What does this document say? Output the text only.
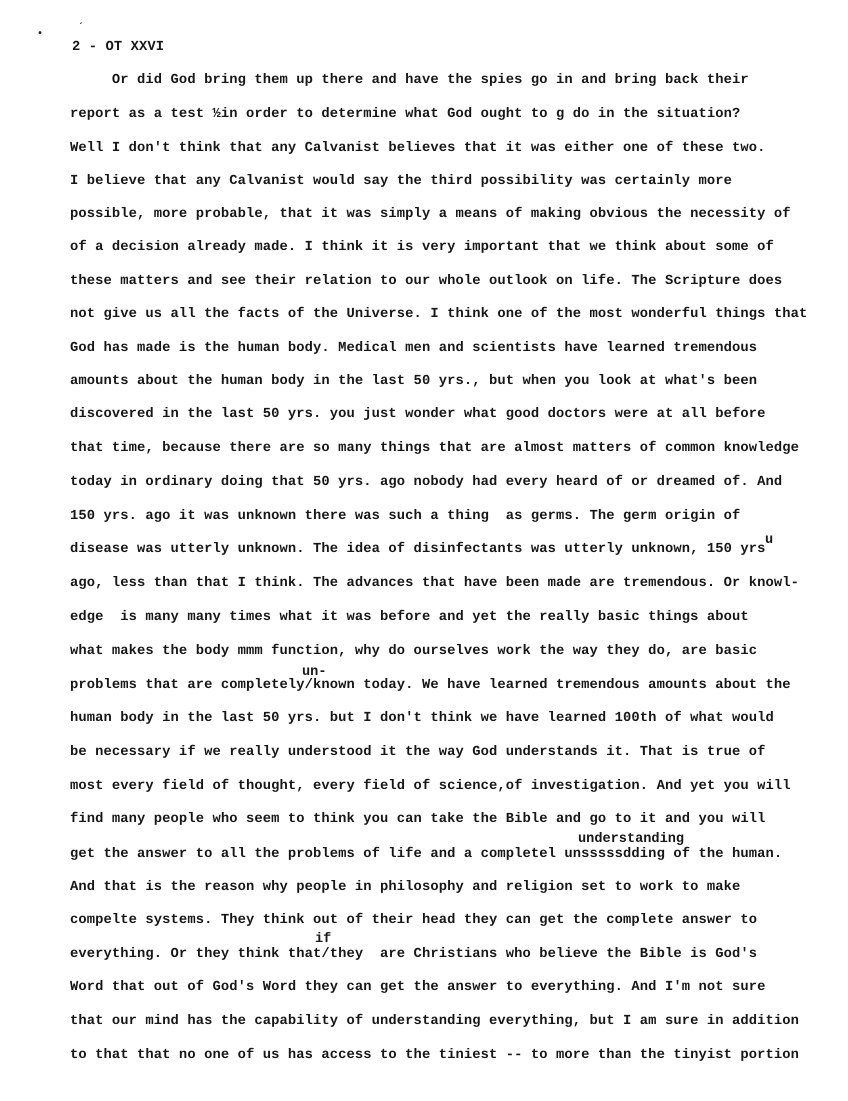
•
ˊ
2 - OT XXVI
Or did God bring them up there and have the spies go in and bring back their
report as a test ½in order to determine what God ought to g do in the situation?
Well I don't think that any Calvanist believes that it was either one of these two.
I believe that any Calvanist would say the third possibility was certainly more
possible, more probable, that it was simply a means of making obvious the necessity of
of a decision already made. I think it is very important that we think about some of
these matters and see their relation to our whole outlook on life. The Scripture does
not give us all the facts of the Universe. I think one of the most wonderful things that
God has made is the human body. Medical men and scientists have learned tremendous
amounts about the human body in the last 50 yrs., but when you look at what's been
discovered in the last 50 yrs. you just wonder what good doctors were at all before
that time, because there are so many things that are almost matters of common knowledge
today in ordinary doing that 50 yrs. ago nobody had every heard of or dreamed of. And
150 yrs. ago it was unknown there was such a thing  as germs. The germ origin of
disease was utterly unknown. The idea of disinfectants was utterly unknown, 150 yrs
ago, less than that I think. The advances that have been made are tremendous. Or knowl-
edge  is many many times what it was before and yet the really basic things about
what makes the body mmm function, why do ourselves work the way they do, are basic
problems that are completely/known today. We have learned tremendous amounts about the
human body in the last 50 yrs. but I don't think we have learned 100th of what would
be necessary if we really understood it the way God understands it. That is true of
most every field of thought, every field of science,of investigation. And yet you will
find many people who seem to think you can take the Bible and go to it and you will
get the answer to all the problems of life and a completel unsssssdding of the human.
And that is the reason why people in philosophy and religion set to work to make
compelte systems. They think out of their head they can get the complete answer to
everything. Or they think that/they  are Christians who believe the Bible is God's
Word that out of God's Word they can get the answer to everything. And I'm not sure
that our mind has the capability of understanding everything, but I am sure in addition
to that that no one of us has access to the tiniest -- to more than the tinyist portion
u
un-
understanding
if
